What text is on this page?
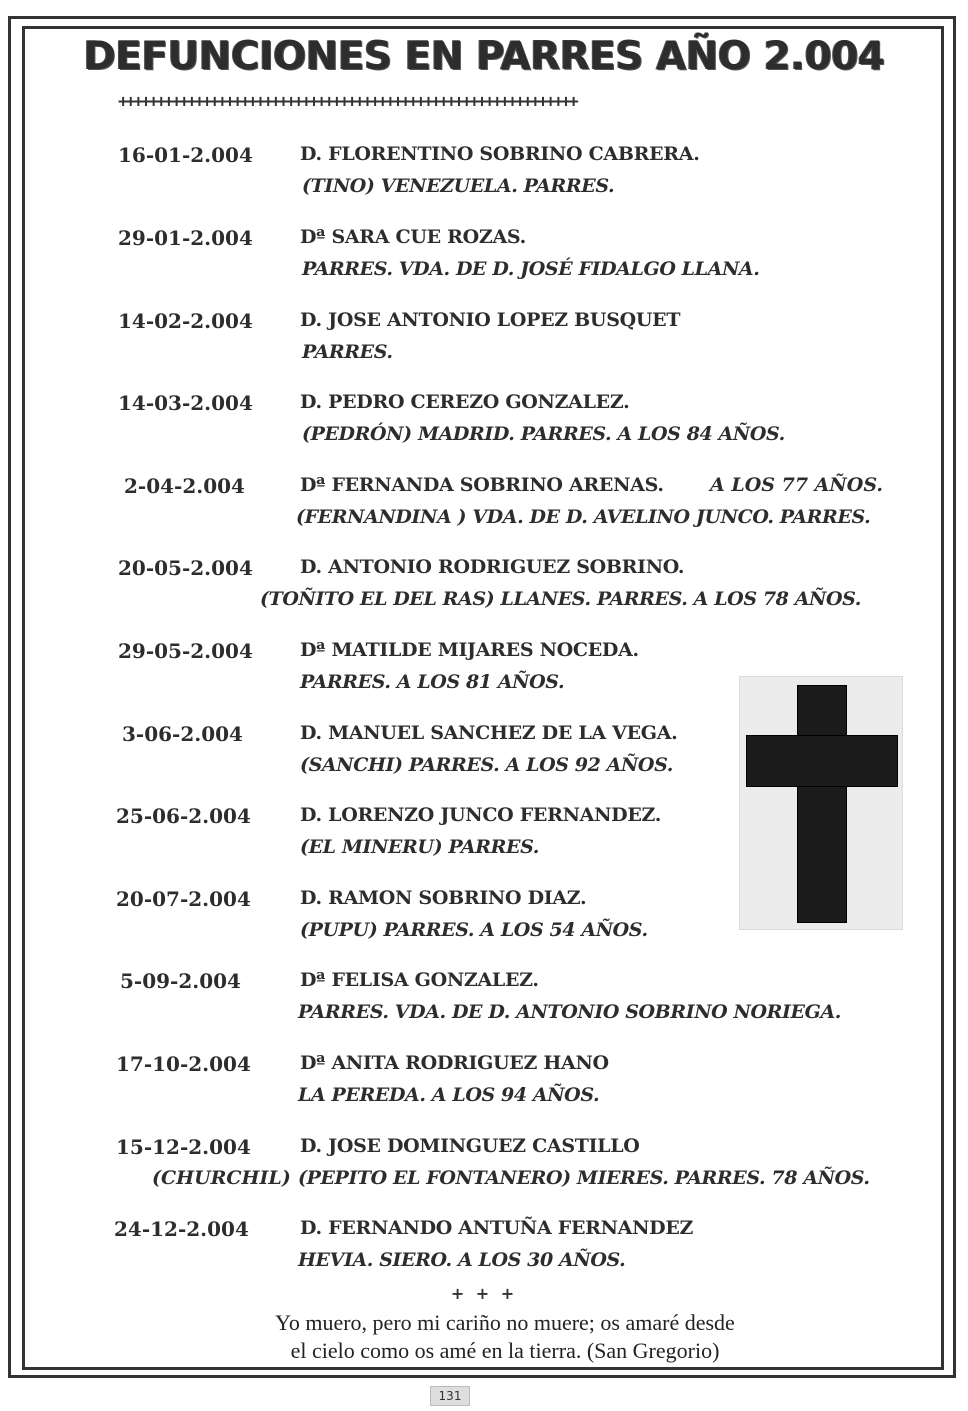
DEFUNCIONES EN PARRES AÑO 2.004
++++++++++++++++++++++++++++++++++++++++++++++++++++++++++++
16-01-2.004 D. FLORENTINO SOBRINO CABRERA.
(TINO) VENEZUELA. PARRES.
29-01-2.004 Dª SARA CUE ROZAS.
PARRES. VDA. DE D. JOSÉ FIDALGO LLANA.
14-02-2.004 D. JOSE ANTONIO LOPEZ BUSQUET
PARRES.
14-03-2.004 D. PEDRO CEREZO GONZALEZ.
(PEDRÓN) MADRID. PARRES. A LOS 84 AÑOS.
2-04-2.004	Dª FERNANDA SOBRINO ARENAS. A LOS 77 AÑOS.
(FERNANDINA ) VDA. DE D. AVELINO JUNCO. PARRES.
20-05-2.004 D. ANTONIO RODRIGUEZ SOBRINO.
(TOÑITO EL DEL RAS) LLANES. PARRES. A LOS 78 AÑOS.
29-05-2.004 Dª MATILDE MIJARES NOCEDA.
PARRES. A LOS 81 AÑOS.
3-06-2.004	D. MANUEL SANCHEZ DE LA VEGA.
(SANCHI) PARRES. A LOS 92 AÑOS.
25-06-2.004	D. LORENZO JUNCO FERNANDEZ.
(EL MINERU) PARRES.
20-07-2.004	D. RAMON SOBRINO DIAZ.
(PUPU) PARRES. A LOS 54 AÑOS.
5-09-2.004	Dª FELISA GONZALEZ.
PARRES. VDA. DE D. ANTONIO SOBRINO NORIEGA.
17-10-2.004	Dª ANITA RODRIGUEZ HANO
LA PEREDA. A LOS 94 AÑOS.
15-12-2.004	D. JOSE DOMINGUEZ CASTILLO
(CHURCHIL) (PEPITO EL FONTANERO) MIERES. PARRES. 78 AÑOS.
24-12-2.004	D. FERNANDO ANTUÑA FERNANDEZ
HEVIA. SIERO. A LOS 30 AÑOS.
+ + +
Yo muero, pero mi cariño no muere; os amaré desde
el cielo como os amé en la tierra. (San Gregorio)
131
